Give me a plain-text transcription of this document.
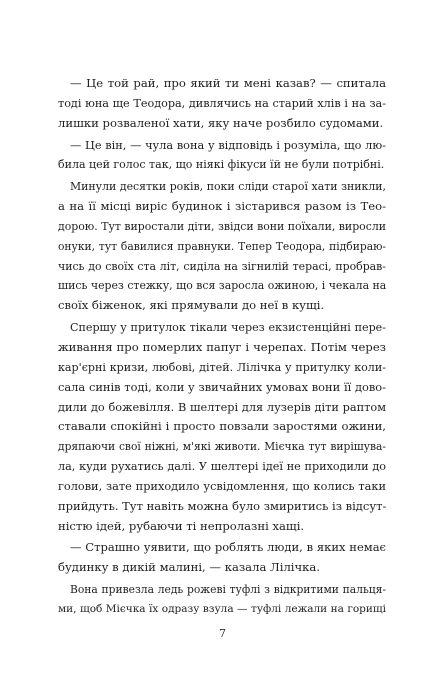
— Це той рай, про який ти мені казав? — спитала
тоді юна ще Теодора, дивлячись на старий хлів і на за-
лишки розваленої хати, яку наче розбило судомами.

— Це він, — чула вона у відповідь і розуміла, що лю-
била цей голос так, що ніякі фікуси їй не були потрібні.

Минули десятки років, поки сліди старої хати зникли,
а на її місці виріс будинок і зістарився разом із Тео-
дорою. Тут виростали діти, звідси вони поїхали, виросли
онуки, тут бавилися правнуки. Тепер Теодора, підбираю-
чись до своїх ста літ, сиділа на зігнилій терасі, пробрав-
шись через стежку, що вся заросла ожиною, і чекала на
своїх біженок, які прямували до неї в кущі.

Спершу у притулок тікали через екзистенційні пере-
живання про померлих папуг і черепах. Потім через
кар'єрні кризи, любові, дітей. Лілічка у притулку коли-
сала синів тоді, коли у звичайних умовах вони її дово-
дили до божевілля. В шелтері для лузерів діти раптом
ставали спокійні і просто повзали заростями ожини,
дряпаючи свої ніжні, м'які животи. Мієчка тут вирішува-
ла, куди рухатись далі. У шелтері ідеї не приходили до
голови, зате приходило усвідомлення, що колись таки
прийдуть. Тут навіть можна було змиритись із відсут-
ністю ідей, рубаючи ті непролазні хащі.

— Страшно уявити, що роблять люди, в яких немає
будинку в дикій малині, — казала Лілічка.

Вона привезла ледь рожеві туфлі з відкритими пальця-
ми, щоб Мієчка їх одразу взула — туфлі лежали на горищі

7
